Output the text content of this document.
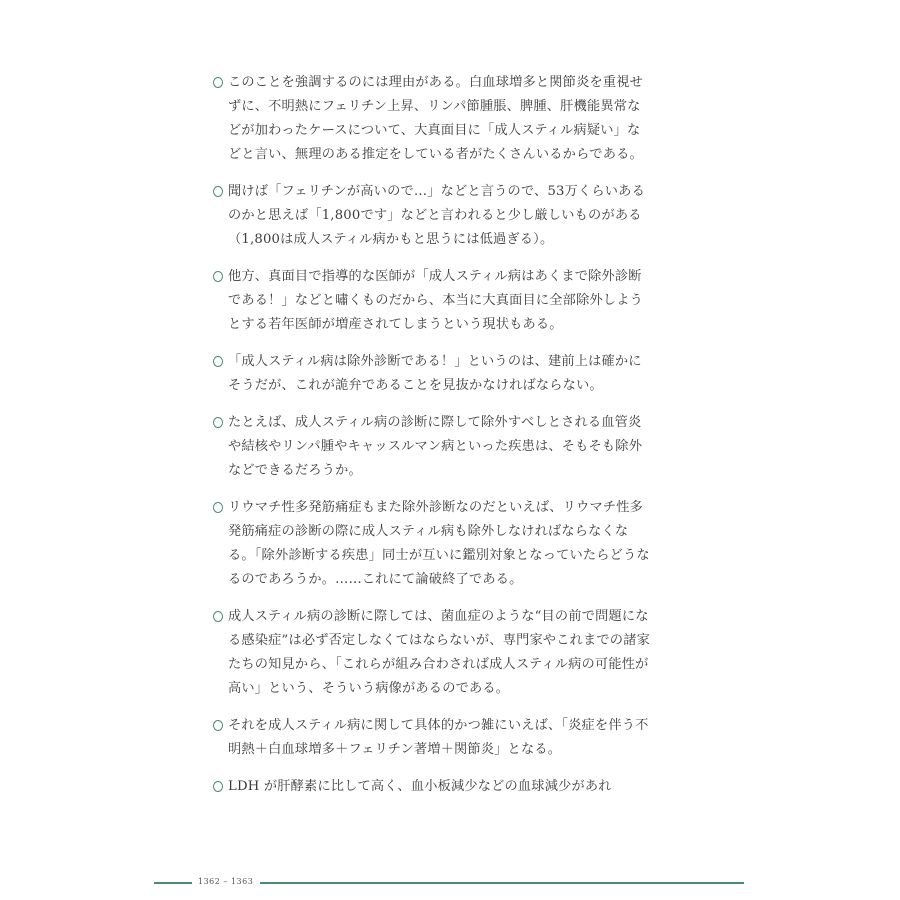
このことを強調するのには理由がある。白血球増多と関節炎を重視せずに、不明熱にフェリチン上昇、リンパ節腫脹、脾腫、肝機能異常などが加わったケースについて、大真面目に「成人スティル病疑い」などと言い、無理のある推定をしている者がたくさんいるからである。
聞けば「フェリチンが高いので…」などと言うので、53万くらいあるのかと思えば「1,800です」などと言われると少し厳しいものがある（1,800は成人スティル病かもと思うには低過ぎる）。
他方、真面目で指導的な医師が「成人スティル病はあくまで除外診断である！」などと嘯くものだから、本当に大真面目に全部除外しようとする若年医師が増産されてしまうという現状もある。
「成人スティル病は除外診断である！」というのは、建前上は確かにそうだが、これが詭弁であることを見抜かなければならない。
たとえば、成人スティル病の診断に際して除外すべしとされる血管炎や結核やリンパ腫やキャッスルマン病といった疾患は、そもそも除外などできるだろうか。
リウマチ性多発筋痛症もまた除外診断なのだといえば、リウマチ性多発筋痛症の診断の際に成人スティル病も除外しなければならなくなる。「除外診断する疾患」同士が互いに鑑別対象となっていたらどうなるのであろうか。……これにて論破終了である。
成人スティル病の診断に際しては、菌血症のような“目の前で問題になる感染症”は必ず否定しなくてはならないが、専門家やこれまでの諸家たちの知見から、「これらが組み合わされば成人スティル病の可能性が高い」という、そういう病像があるのである。
それを成人スティル病に関して具体的かつ雑にいえば、「炎症を伴う不明熱＋白血球増多＋フェリチン著増＋関節炎」となる。
LDH が肝酵素に比して高く、血小板減少などの血球減少があれ
1362 – 1363
